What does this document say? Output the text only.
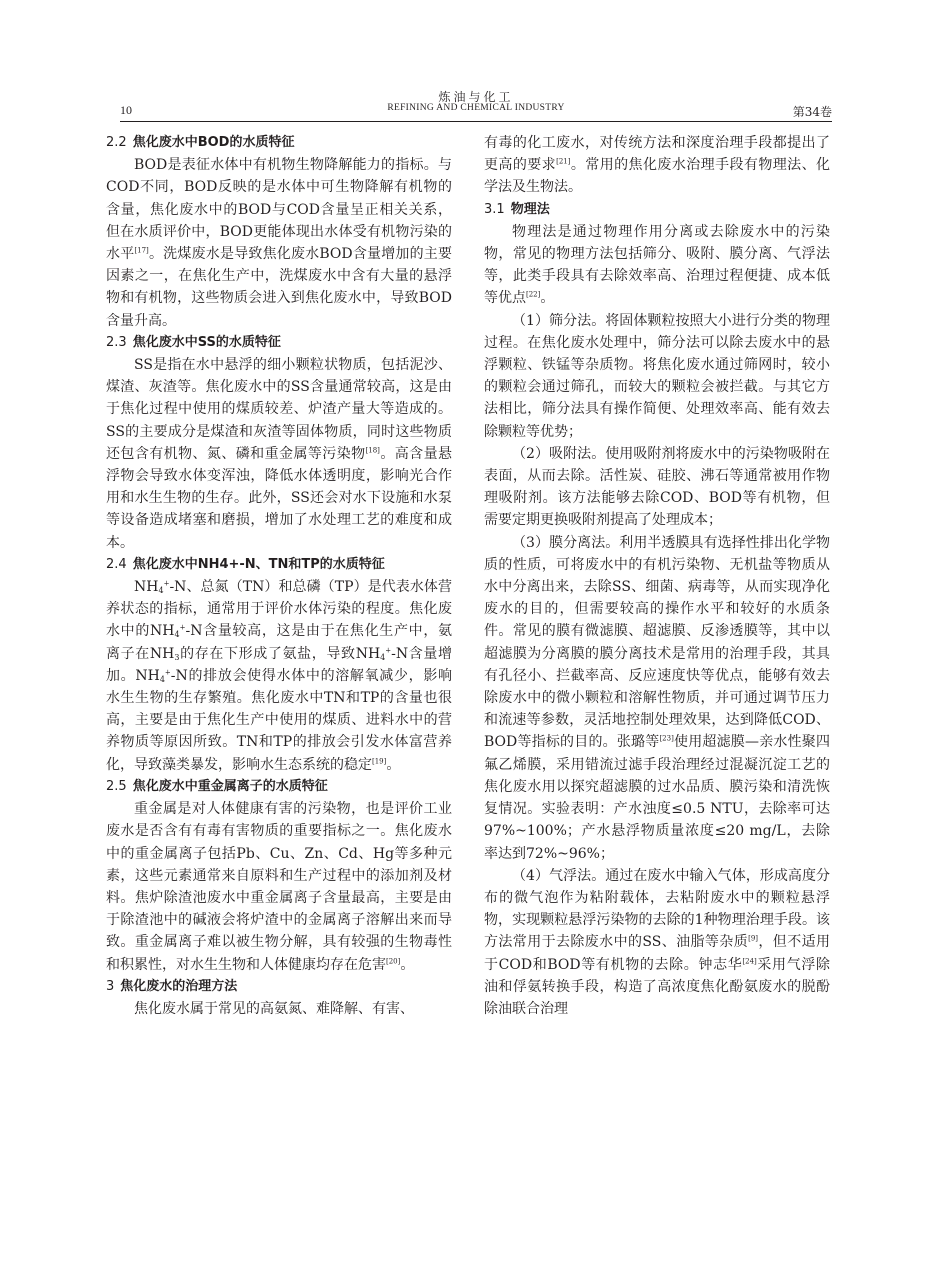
炼油与化工
10	REFINING AND CHEMICAL INDUSTRY	第34卷
2.2 焦化废水中BOD的水质特征

BOD是表征水体中有机物生物降解能力的指标。与COD不同，BOD反映的是水体中可生物降解有机物的含量，焦化废水中的BOD与COD含量呈正相关关系，但在水质评价中，BOD更能体现出水体受有机物污染的水平[17]。洗煤废水是导致焦化废水BOD含量增加的主要因素之一，在焦化生产中，洗煤废水中含有大量的悬浮物和有机物，这些物质会进入到焦化废水中，导致BOD含量升高。

2.3 焦化废水中SS的水质特征

SS是指在水中悬浮的细小颗粒状物质，包括泥沙、煤渣、灰渣等。焦化废水中的SS含量通常较高，这是由于焦化过程中使用的煤质较差、炉渣产量大等造成的。SS的主要成分是煤渣和灰渣等固体物质，同时这些物质还包含有机物、氮、磷和重金属等污染物[18]。高含量悬浮物会导致水体变浑浊，降低水体透明度，影响光合作用和水生生物的生存。此外，SS还会对水下设施和水泵等设备造成堵塞和磨损，增加了水处理工艺的难度和成本。

2.4 焦化废水中NH4+-N、TN和TP的水质特征

$NH_4^+-N$、总氮（TN）和总磷（TP）是代表水体营养状态的指标，通常用于评价水体污染的程度。焦化废水中的$NH_4^+-N$含量较高，这是由于在焦化生产中，氨离子在$NH_3$的存在下形成了氨盐，导致$NH_4^+-N$含量增加。$NH_4^+-N$的排放会使得水体中的溶解氧减少，影响水生生物的生存繁殖。焦化废水中TN和TP的含量也很高，主要是由于焦化生产中使用的煤质、进料水中的营养物质等原因所致。TN和TP的排放会引发水体富营养化，导致藻类暴发，影响水生态系统的稳定[19]。

2.5 焦化废水中重金属离子的水质特征

重金属是对人体健康有害的污染物，也是评价工业废水是否含有有毒有害物质的重要指标之一。焦化废水中的重金属离子包括Pb、Cu、Zn、Cd、Hg等多种元素，这些元素通常来自原料和生产过程中的添加剂及材料。焦炉除渣池废水中重金属离子含量最高，主要是由于除渣池中的碱液会将炉渣中的金属离子溶解出来而导致。重金属离子难以被生物分解，具有较强的生物毒性和积累性，对水生生物和人体健康均存在危害[20]。

3 焦化废水的治理方法

焦化废水属于常见的高氨氮、难降解、有害、

有毒的化工废水，对传统方法和深度治理手段都提出了更高的要求[21]。常用的焦化废水治理手段有物理法、化学法及生物法。

3.1 物理法

物理法是通过物理作用分离或去除废水中的污染物，常见的物理方法包括筛分、吸附、膜分离、气浮法等，此类手段具有去除效率高、治理过程便捷、成本低等优点[22]。

（1）筛分法。将固体颗粒按照大小进行分类的物理过程。在焦化废水处理中，筛分法可以除去废水中的悬浮颗粒、铁锰等杂质物。将焦化废水通过筛网时，较小的颗粒会通过筛孔，而较大的颗粒会被拦截。与其它方法相比，筛分法具有操作简便、处理效率高、能有效去除颗粒等优势；

（2）吸附法。使用吸附剂将废水中的污染物吸附在表面，从而去除。活性炭、硅胶、沸石等通常被用作物理吸附剂。该方法能够去除COD、BOD等有机物，但需要定期更换吸附剂提高了处理成本；

（3）膜分离法。利用半透膜具有选择性排出化学物质的性质，可将废水中的有机污染物、无机盐等物质从水中分离出来，去除SS、细菌、病毒等，从而实现净化废水的目的，但需要较高的操作水平和较好的水质条件。常见的膜有微滤膜、超滤膜、反渗透膜等，其中以超滤膜为分离膜的膜分离技术是常用的治理手段，其具有孔径小、拦截率高、反应速度快等优点，能够有效去除废水中的微小颗粒和溶解性物质，并可通过调节压力和流速等参数，灵活地控制处理效果，达到降低COD、BOD等指标的目的。张璐等[23]使用超滤膜—亲水性聚四氟乙烯膜，采用错流过滤手段治理经过混凝沉淀工艺的焦化废水用以探究超滤膜的过水品质、膜污染和清洗恢复情况。实验表明：产水浊度≤0.5 NTU，去除率可达97%~100%；产水悬浮物质量浓度≤20 mg/L，去除率达到72%~96%；

（4）气浮法。通过在废水中输入气体，形成高度分布的微气泡作为粘附载体，去粘附废水中的颗粒悬浮物，实现颗粒悬浮污染物的去除的1种物理治理手段。该方法常用于去除废水中的SS、油脂等杂质[9]，但不适用于COD和BOD等有机物的去除。钟志华[24]采用气浮除油和俘氨转换手段，构造了高浓度焦化酚氨废水的脱酚除油联合治理
